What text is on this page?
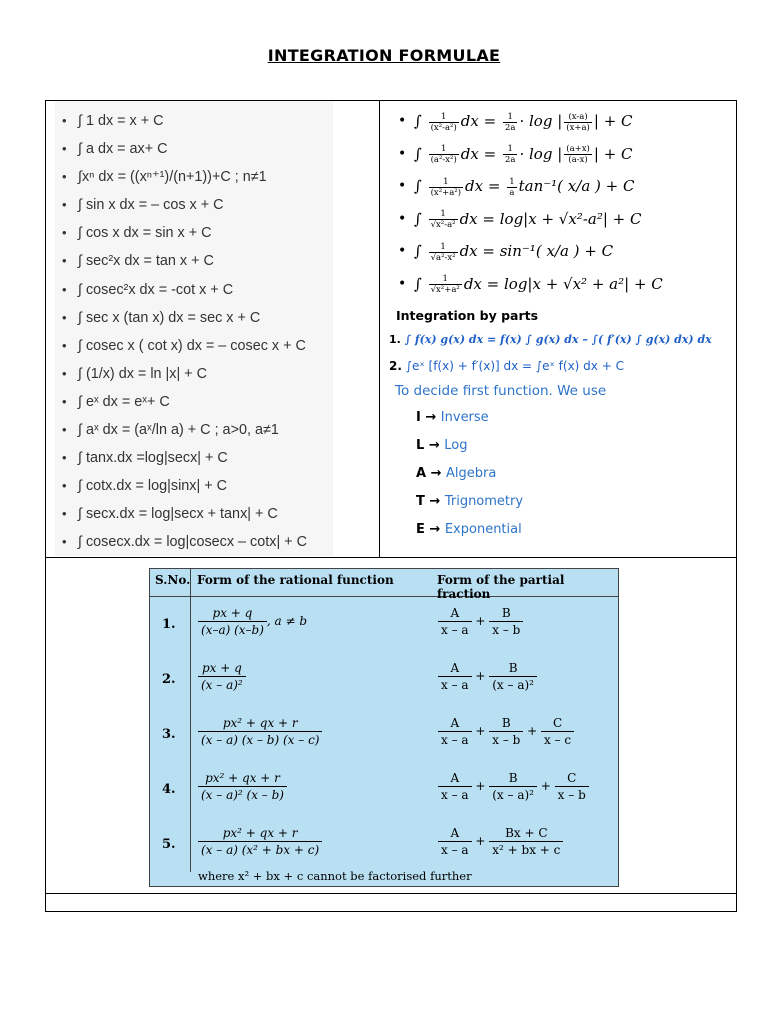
INTEGRATION FORMULAE
• ∫ 1 dx = x + C
• ∫ a dx = ax+ C
• ∫xⁿ dx = ((xⁿ⁺¹)/(n+1))+C ; n≠1
• ∫ sin x dx = – cos x + C
• ∫ cos x dx = sin x + C
• ∫ sec²x dx = tan x + C
• ∫ cosec²x dx = -cot x + C
• ∫ sec x (tan x) dx = sec x + C
• ∫ cosec x ( cot x) dx = – cosec x + C
• ∫ (1/x) dx = ln |x| + C
• ∫ eˣ dx = eˣ+ C
• ∫ aˣ dx = (aˣ/ln a) + C ; a>0, a≠1
• ∫ tanx.dx =log|secx| + C
• ∫ cotx.dx = log|sinx| + C
• ∫ secx.dx = log|secx + tanx| + C
• ∫ cosecx.dx = log|cosecx – cotx| + C
• ∫ $\frac{1}{\text{(x²-a²)}}$ dx = $\frac{1}{2a} \cdot \log$ | $\frac{(x-a)}{(x+a)}$ | + C
• ∫ $\frac{1}{\text{(a²-x²)}}$ dx = $\frac{1}{2a} \cdot \log$ | $\frac{(a+x)}{(a-x)}$ | + C
• ∫ $\frac{1}{\text{(x²+a²)}}$ dx = $\frac{1}{a} \tan^{-1}$( x/a ) + C
• ∫ $\frac{1}{\text{√x²-a²}}$ dx = log|x + √x²-a²| + C
• ∫ $\frac{1}{\text{√a²-x²}}$ dx = sin⁻¹( x/a ) + C
• ∫ $\frac{1}{\text{√x²+a²}}$ dx = log|x + √x² + a²| + C
Integration by parts
1. ∫ f(x) g(x) dx = f(x) ∫ g(x) dx – ∫( f′(x) ∫ g(x) dx) dx
2. ∫eˣ [f(x) + f′(x)] dx = ∫eˣ f(x) dx + C
To decide first function. We use
I → Inverse
L → Log
A → Algebra
T → Trignometry
E → Exponential
S.No. Form of the rational function	Form of the partial fraction
1. $\frac{px + q}{(x-a) (x-b)}$ , a ≠ b	$\frac{A}{x - a} + \frac{B}{x - b}$
2. $\frac{px + q}{\text{(x – a)²}}$	$\frac{A}{x - a} + \frac{B}{\text{(x – a)²}}$
3. $\frac{\text{px² + qx + r}}{(x - a) (x - b) (x - c)}$	$\frac{A}{x - a} + \frac{B}{x - b} + \frac{C}{x - c}$
4. $\frac{\text{px² + qx + r}}{\text{(x – a)² (x – b)}}$	$\frac{A}{x - a} + \frac{B}{\text{(x – a)²}} + \frac{C}{x - b}$
5. $\frac{\text{px² + qx + r}}{\text{(x – a) (x² + bx + c)}}$	$\frac{A}{x - a} + \frac{Bx + C}{\text{x² + bx + c}}$
where x² + bx + c cannot be factorised further
